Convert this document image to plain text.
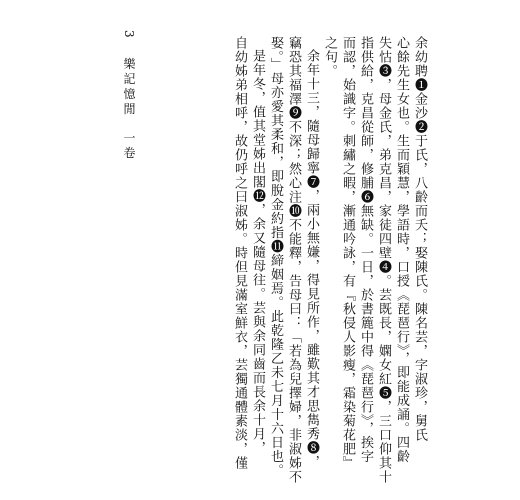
3 樂記憶閒一卷	余幼聘❶金沙❷于氏，八齡而夭；娶陳氏。陳名芸，字淑珍，舅氏
心餘先生女也。生而穎慧，學語時，口授《琵琶行》，即能成誦。四齡
失怙❸，母金氏，弟克昌，家徒四壁❹。芸既長，嫻女紅❺，三口仰其十
指供給，克昌從師，修脯❻無缺。一日，於書簏中得《琵琶行》，挨字
而認，始識字。刺繡之暇，漸通吟詠，有『秋侵人影瘦，霜染菊花肥』
之句。
余年十三，隨母歸寧❼，兩小無嫌，得見所作，雖歎其才思雋秀❽，
竊恐其福澤❾不深；然心注❿不能釋，告母曰：「若為兒擇婦，非淑姊不
娶。」母亦愛其柔和，即脫金約指⓫締姻焉。此乾隆乙未七月十六日也。
是年冬，值其堂姊出閣⓬，余又隨母往。芸與余同齒而長余十月，
自幼姊弟相呼，故仍呼之曰淑姊。時但見滿室鮮衣，芸獨通體素淡，僅
